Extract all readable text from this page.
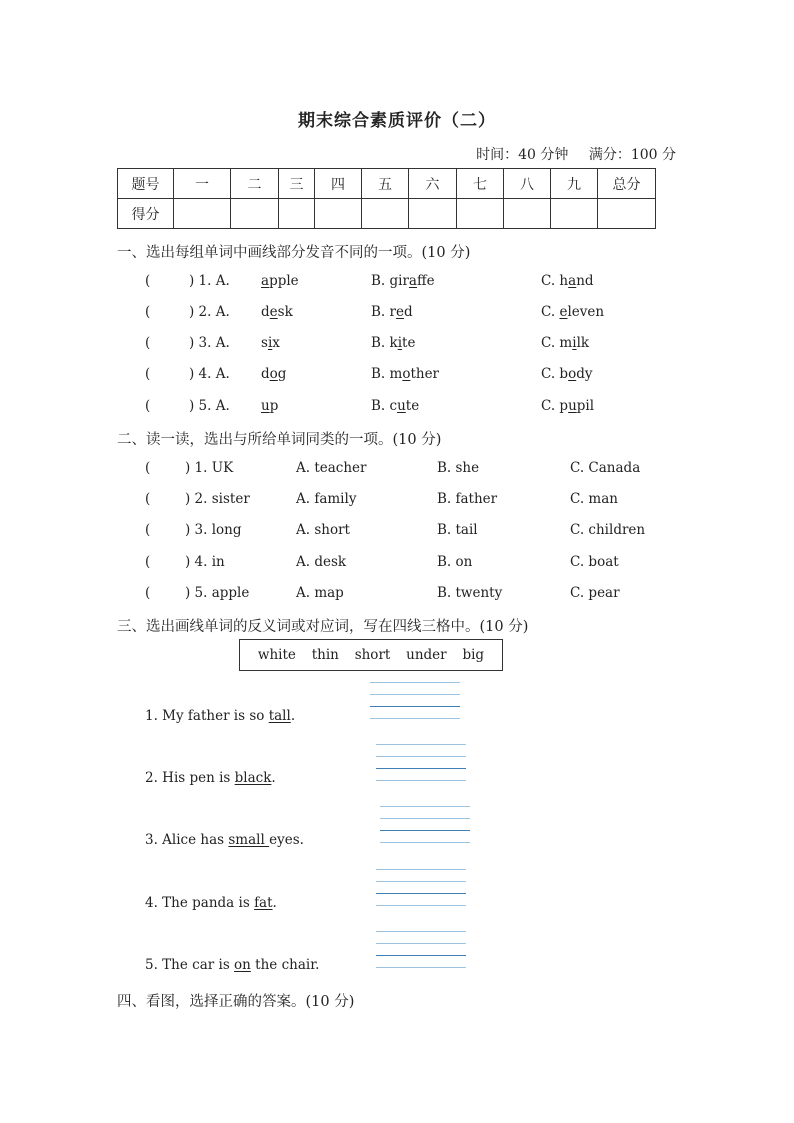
期末综合素质评价（二）
时间：40 分钟 满分：100 分
题号	一	二	三	四	五	六	七	八	九	总分
得分										
一、选出每组单词中画线部分发音不同的一项。(10 分)
(	) 1. A. apple	B. giraffe	C. hand
(	) 2. A. desk	B. red	C. eleven
(	) 3. A. six	B. kite	C. milk
(	) 4. A. dog	B. mother	C. body
(	) 5. A. up	B. cute	C. pupil
二、读一读，选出与所给单词同类的一项。(10 分)
(	) 1. UK	A. teacher	B. she	C. Canada
(	) 2. sister	A. family	B. father	C. man
(	) 3. long	A. short	B. tail	C. children
(	) 4. in	A. desk	B. on	C. boat
(	) 5. apple	A. map	B. twenty	C. pear
三、选出画线单词的反义词或对应词，写在四线三格中。(10 分)
white thin short under big
1. My father is so tall.
2. His pen is black.
3. Alice has small eyes.
4. The panda is fat.
5. The car is on the chair.
四、看图，选择正确的答案。(10 分)
